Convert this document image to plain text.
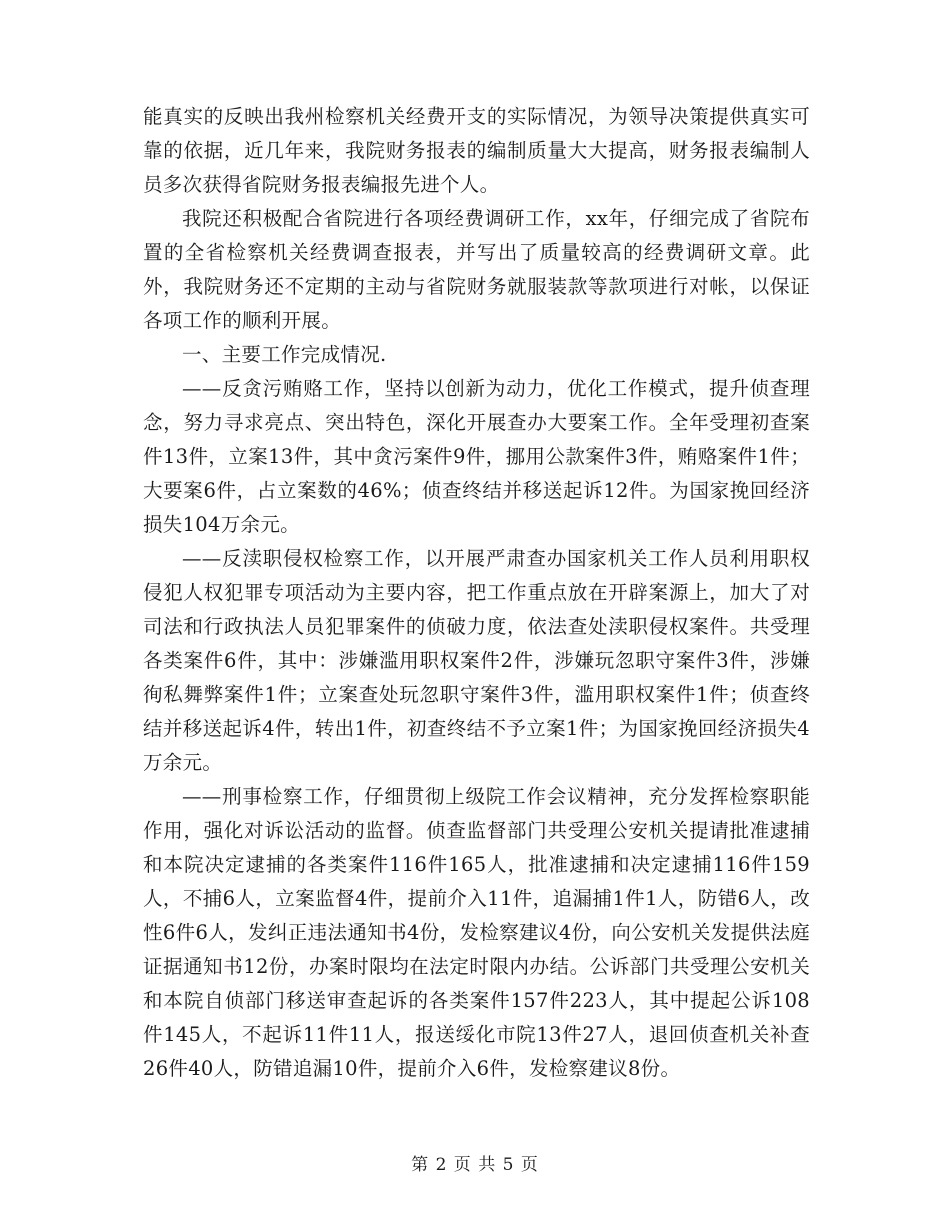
能真实的反映出我州检察机关经费开支的实际情况，为领导决策提供真实可靠的依据，近几年来，我院财务报表的编制质量大大提高，财务报表编制人员多次获得省院财务报表编报先进个人。

我院还积极配合省院进行各项经费调研工作，xx年，仔细完成了省院布置的全省检察机关经费调查报表，并写出了质量较高的经费调研文章。此外，我院财务还不定期的主动与省院财务就服装款等款项进行对帐，以保证各项工作的顺利开展。

一、主要工作完成情况.

——反贪污贿赂工作，坚持以创新为动力，优化工作模式，提升侦查理念，努力寻求亮点、突出特色，深化开展查办大要案工作。全年受理初查案件13件，立案13件，其中贪污案件9件，挪用公款案件3件，贿赂案件1件；大要案6件，占立案数的46%；侦查终结并移送起诉12件。为国家挽回经济损失104万余元。

——反渎职侵权检察工作，以开展严肃查办国家机关工作人员利用职权侵犯人权犯罪专项活动为主要内容，把工作重点放在开辟案源上，加大了对司法和行政执法人员犯罪案件的侦破力度，依法查处渎职侵权案件。共受理各类案件6件，其中：涉嫌滥用职权案件2件，涉嫌玩忽职守案件3件，涉嫌徇私舞弊案件1件；立案查处玩忽职守案件3件，滥用职权案件1件；侦查终结并移送起诉4件，转出1件，初查终结不予立案1件；为国家挽回经济损失4万余元。

——刑事检察工作，仔细贯彻上级院工作会议精神，充分发挥检察职能作用，强化对诉讼活动的监督。侦查监督部门共受理公安机关提请批准逮捕和本院决定逮捕的各类案件116件165人，批准逮捕和决定逮捕116件159人，不捕6人，立案监督4件，提前介入11件，追漏捕1件1人，防错6人，改性6件6人，发纠正违法通知书4份，发检察建议4份，向公安机关发提供法庭证据通知书12份，办案时限均在法定时限内办结。公诉部门共受理公安机关和本院自侦部门移送审查起诉的各类案件157件223人，其中提起公诉108件145人，不起诉11件11人，报送绥化市院13件27人，退回侦查机关补查26件40人，防错追漏10件，提前介入6件，发检察建议8份。

第 2 页 共 5 页
